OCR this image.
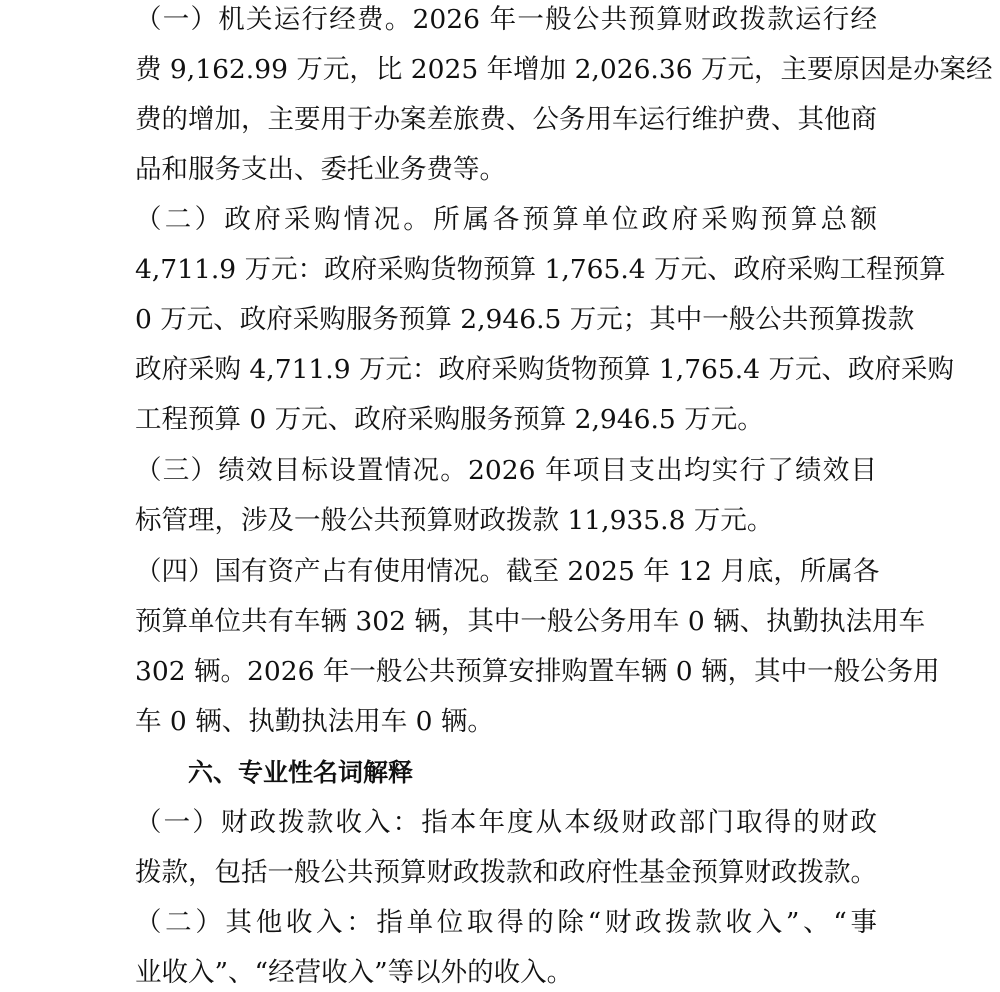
（一）机关运行经费。2026 年一般公共预算财政拨款运行经
费 9,162.99 万元，比 2025 年增加 2,026.36 万元，主要原因是办案经
费的增加，主要用于办案差旅费、公务用车运行维护费、其他商
品和服务支出、委托业务费等。
（二）政府采购情况。所属各预算单位政府采购预算总额
4,711.9 万元：政府采购货物预算 1,765.4 万元、政府采购工程预算
0 万元、政府采购服务预算 2,946.5 万元；其中一般公共预算拨款
政府采购 4,711.9 万元：政府采购货物预算 1,765.4 万元、政府采购
工程预算 0 万元、政府采购服务预算 2,946.5 万元。
（三）绩效目标设置情况。2026 年项目支出均实行了绩效目
标管理，涉及一般公共预算财政拨款 11,935.8 万元。
（四）国有资产占有使用情况。截至 2025 年 12 月底，所属各
预算单位共有车辆 302 辆，其中一般公务用车 0 辆、执勤执法用车
302 辆。2026 年一般公共预算安排购置车辆 0 辆，其中一般公务用
车 0 辆、执勤执法用车 0 辆。
六、专业性名词解释
（一）财政拨款收入：指本年度从本级财政部门取得的财政
拨款，包括一般公共预算财政拨款和政府性基金预算财政拨款。
（二）其他收入：指单位取得的除“财政拨款收入”、“事
业收入”、“经营收入”等以外的收入。
